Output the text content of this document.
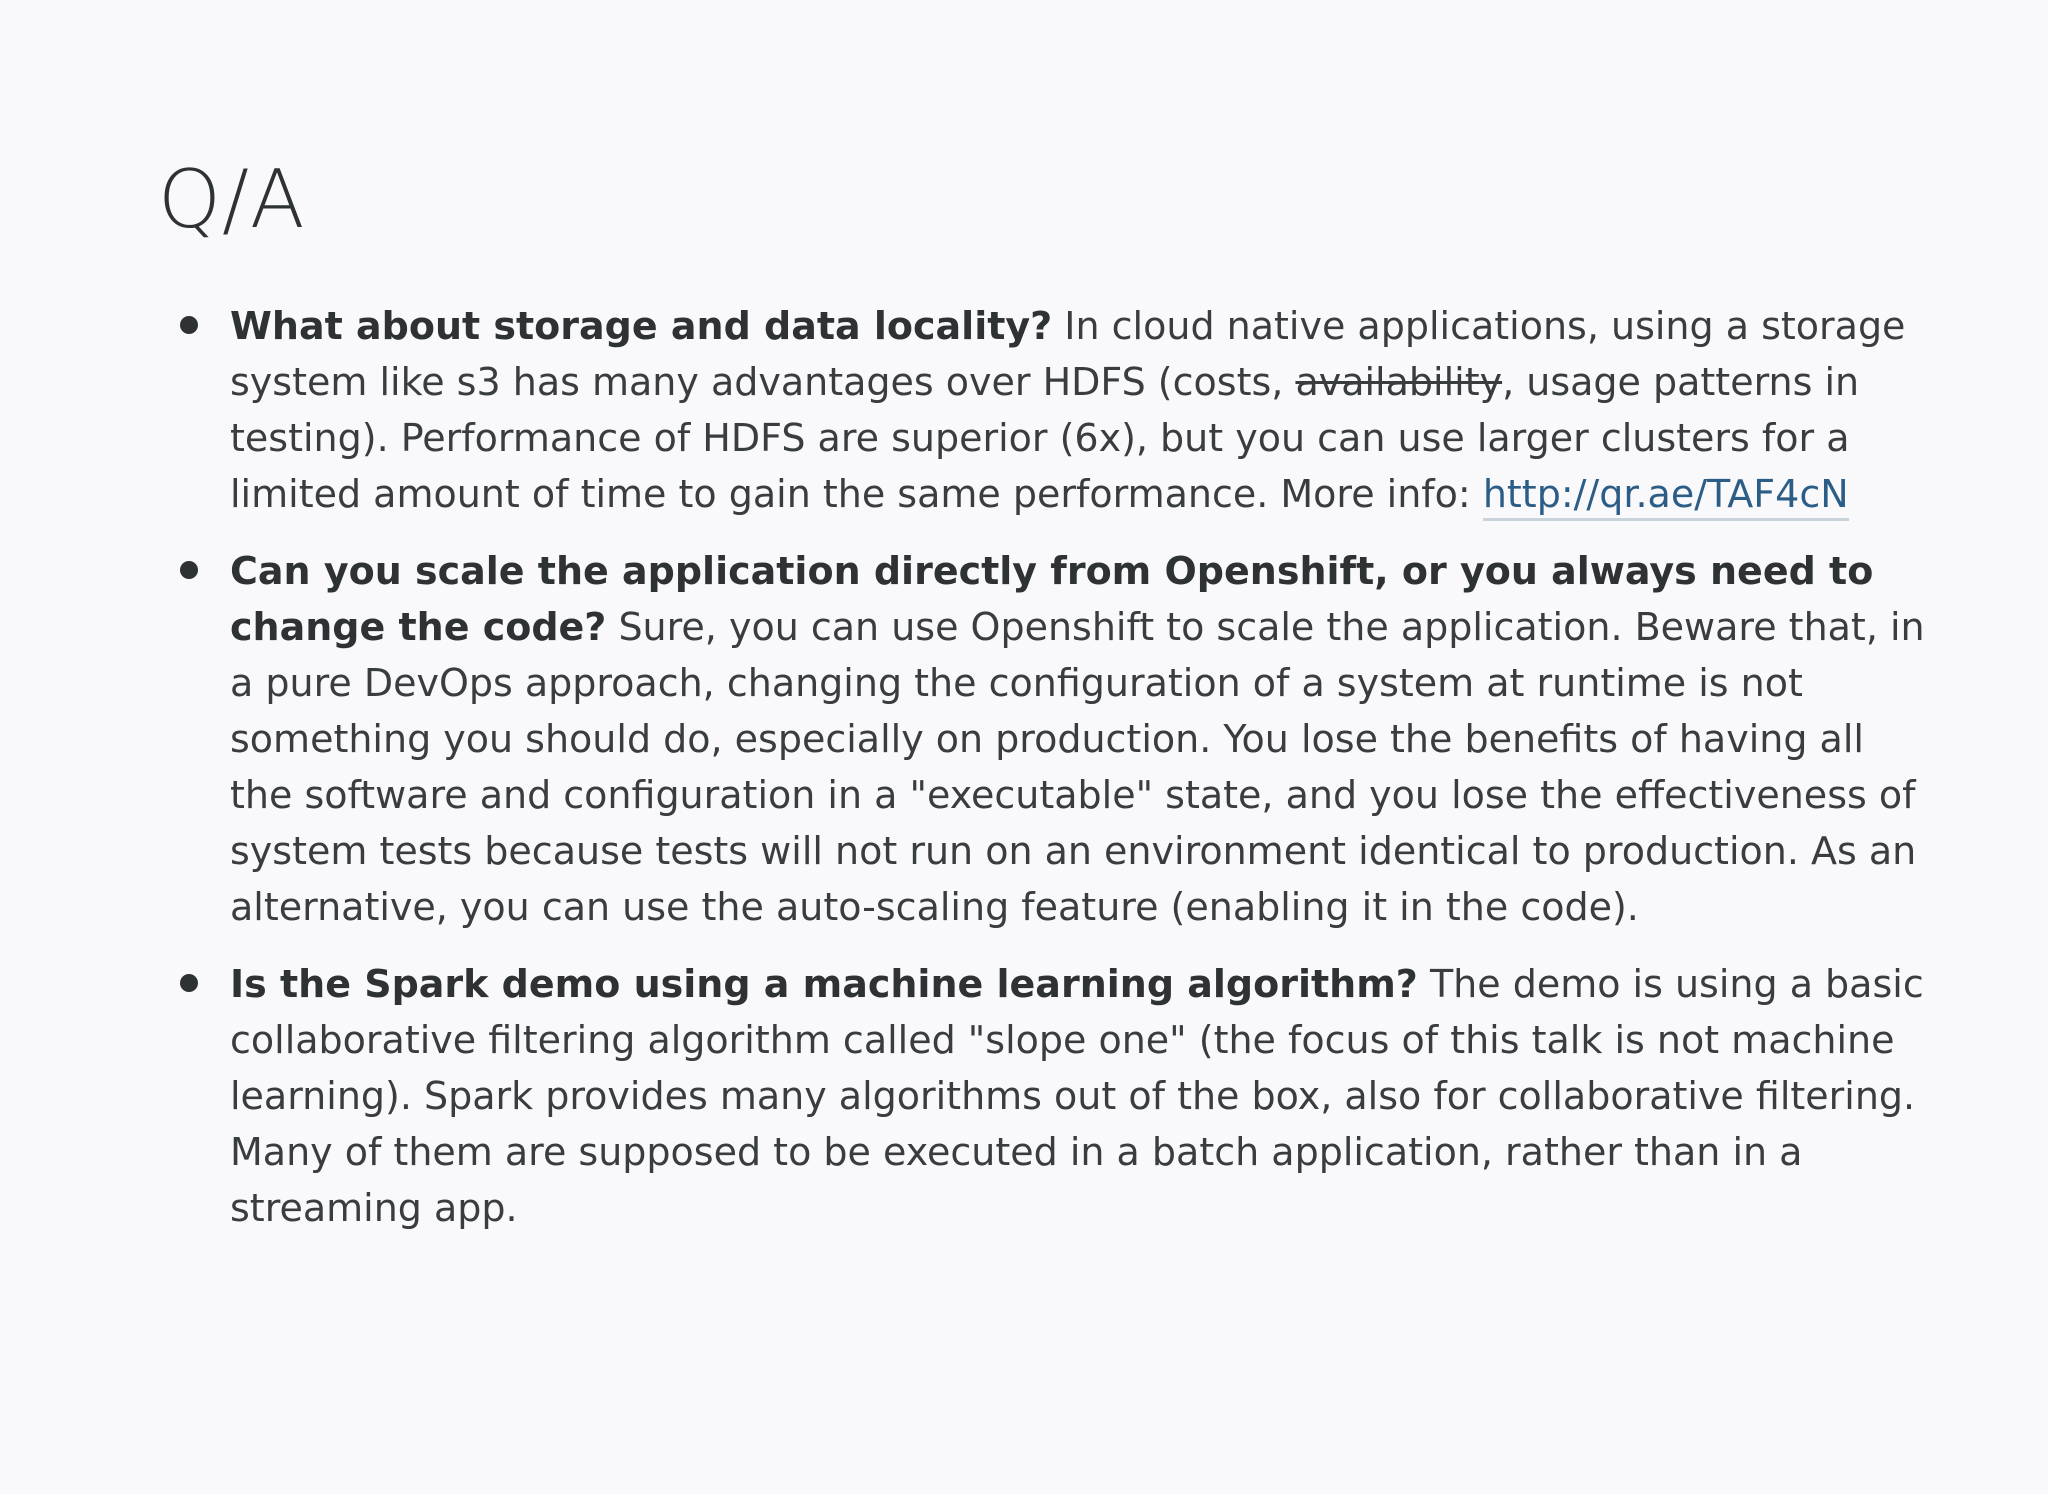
Q/A
What about storage and data locality? In cloud native applications, using a storage system like s3 has many advantages over HDFS (costs, availability, usage patterns in testing). Performance of HDFS are superior (6x), but you can use larger clusters for a limited amount of time to gain the same performance. More info: http://qr.ae/TAF4cN
Can you scale the application directly from Openshift, or you always need to change the code? Sure, you can use Openshift to scale the application. Beware that, in a pure DevOps approach, changing the configuration of a system at runtime is not something you should do, especially on production. You lose the benefits of having all the software and configuration in a "executable" state, and you lose the effectiveness of system tests because tests will not run on an environment identical to production. As an alternative, you can use the auto-scaling feature (enabling it in the code).
Is the Spark demo using a machine learning algorithm? The demo is using a basic collaborative filtering algorithm called "slope one" (the focus of this talk is not machine learning). Spark provides many algorithms out of the box, also for collaborative filtering. Many of them are supposed to be executed in a batch application, rather than in a streaming app.
